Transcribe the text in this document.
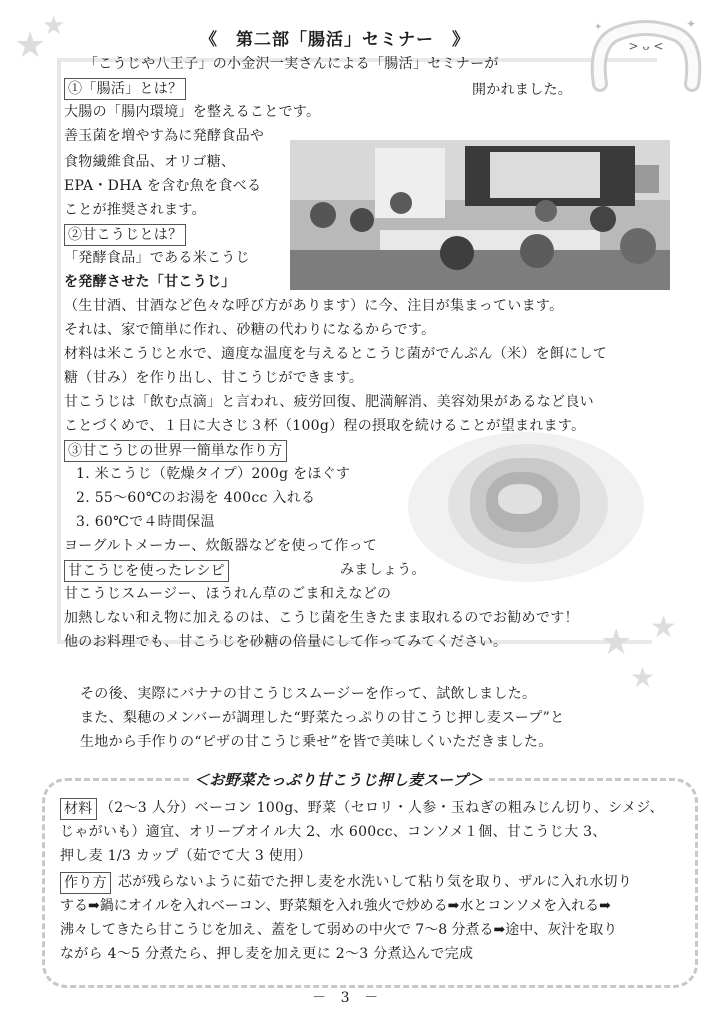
★
★
★ ★
★
> ᴗ <
✦
✦
《　第二部「腸活」セミナー　》
「こうじや八王子」の小金沢一実さんによる「腸活」セミナーが
開かれました。
①「腸活」とは？
大腸の「腸内環境」を整えることです。
善玉菌を増やす為に発酵食品や
食物繊維食品、オリゴ糖、
EPA・DHA を含む魚を食べる
ことが推奨されます。
②甘こうじとは？
「発酵食品」である米こうじ
を発酵させた「甘こうじ」
（生甘酒、甘酒など色々な呼び方があります）に今、注目が集まっています。
それは、家で簡単に作れ、砂糖の代わりになるからです。
材料は米こうじと水で、適度な温度を与えるとこうじ菌がでんぷん（米）を餌にして
糖（甘み）を作り出し、甘こうじができます。
甘こうじは「飲む点滴」と言われ、疲労回復、肥満解消、美容効果があるなど良い
ことづくめで、１日に大さじ３杯（100g）程の摂取を続けることが望まれます。
③甘こうじの世界一簡単な作り方
1. 米こうじ（乾燥タイプ）200g をほぐす
2. 55～60℃のお湯を 400cc 入れる
3. 60℃で４時間保温
ヨーグルトメーカー、炊飯器などを使って作って
みましょう。
甘こうじを使ったレシピ
甘こうじスムージー、ほうれん草のごま和えなどの
加熱しない和え物に加えるのは、こうじ菌を生きたまま取れるのでお勧めです！
他のお料理でも、甘こうじを砂糖の倍量にして作ってみてください。
その後、実際にバナナの甘こうじスムージーを作って、試飲しました。
また、梨穂のメンバーが調理した“野菜たっぷりの甘こうじ押し麦スープ”と
生地から手作りの“ピザの甘こうじ乗せ”を皆で美味しくいただきました。
＜お野菜たっぷり甘こうじ押し麦スープ＞
材料 （2～3 人分）ベーコン 100g、野菜（セロリ・人参・玉ねぎの粗みじん切り、シメジ、
じゃがいも）適宜、オリーブオイル大 2、水 600cc、コンソメ１個、甘こうじ大 3、
押し麦 1/3 カップ（茹でて大 3 使用）
作り方 芯が残らないように茹でた押し麦を水洗いして粘り気を取り、ザルに入れ水切り
する➡鍋にオイルを入れベーコン、野菜類を入れ強火で炒める➡水とコンソメを入れる➡
沸々してきたら甘こうじを加え、蓋をして弱めの中火で 7～8 分煮る➡途中、灰汁を取り
ながら 4～5 分煮たら、押し麦を加え更に 2～3 分煮込んで完成
－　3　－
